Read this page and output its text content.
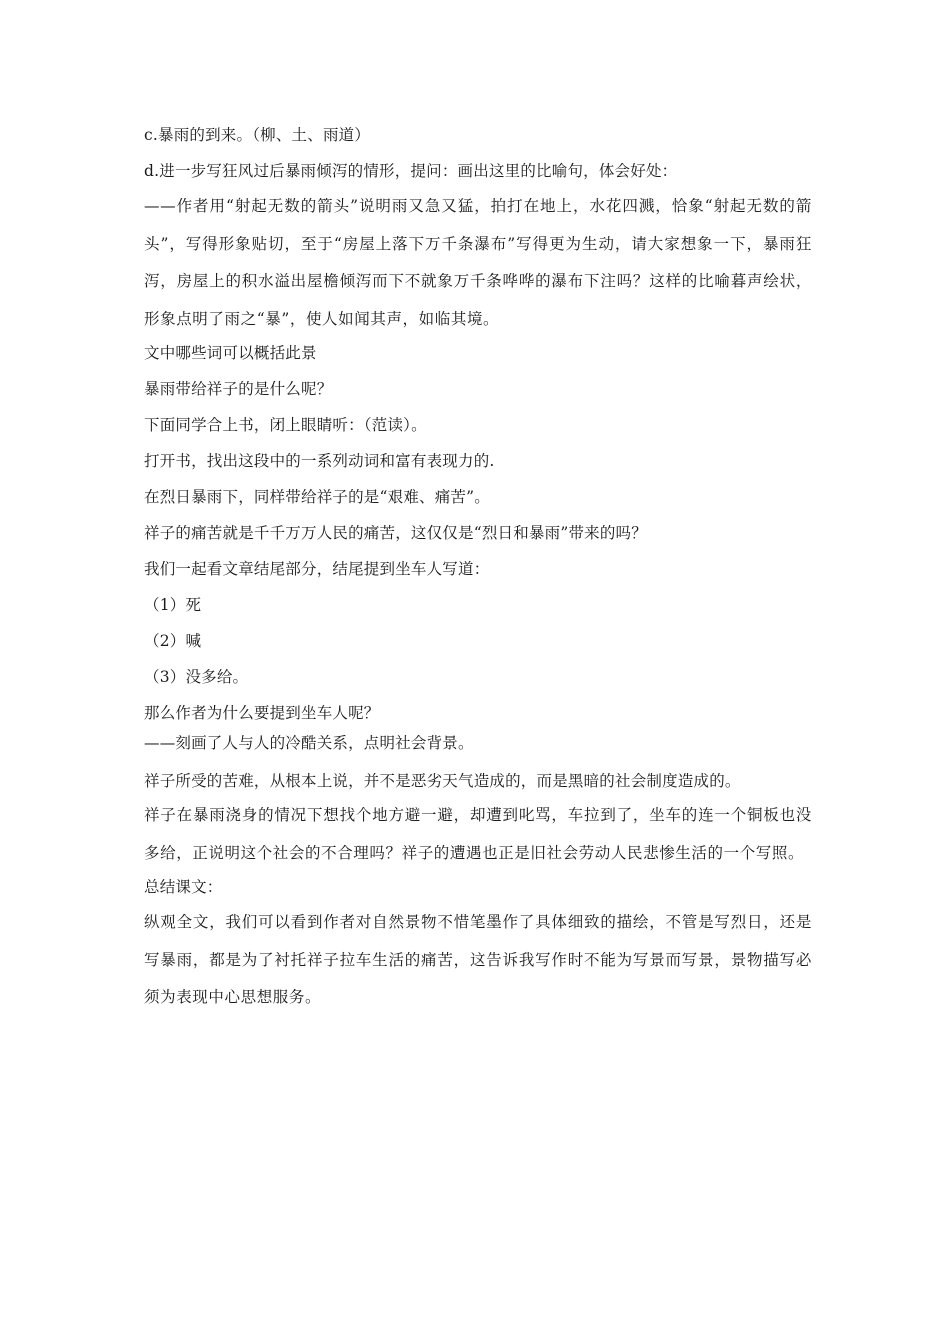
c.暴雨的到来。（柳、土、雨道）

d.进一步写狂风过后暴雨倾泻的情形，提问：画出这里的比喻句，体会好处：

——作者用“射起无数的箭头”说明雨又急又猛，拍打在地上，水花四溅，恰象“射起无数的箭头”，写得形象贴切，至于“房屋上落下万千条瀑布”写得更为生动，请大家想象一下，暴雨狂泻，房屋上的积水溢出屋檐倾泻而下不就象万千条哗哗的瀑布下注吗？这样的比喻暮声绘状，形象点明了雨之“暴”，使人如闻其声，如临其境。

文中哪些词可以概括此景

暴雨带给祥子的是什么呢？

下面同学合上书，闭上眼睛听：（范读）。

打开书，找出这段中的一系列动词和富有表现力的.

在烈日暴雨下，同样带给祥子的是“艰难、痛苦”。

祥子的痛苦就是千千万万人民的痛苦，这仅仅是“烈日和暴雨”带来的吗？

我们一起看文章结尾部分，结尾提到坐车人写道：

（1）死

（2）喊

（3）没多给。

那么作者为什么要提到坐车人呢？

——刻画了人与人的冷酷关系，点明社会背景。

祥子所受的苦难，从根本上说，并不是恶劣天气造成的，而是黑暗的社会制度造成的。

祥子在暴雨浇身的情况下想找个地方避一避，却遭到叱骂，车拉到了，坐车的连一个铜板也没多给，正说明这个社会的不合理吗？祥子的遭遇也正是旧社会劳动人民悲惨生活的一个写照。

总结课文：

纵观全文，我们可以看到作者对自然景物不惜笔墨作了具体细致的描绘，不管是写烈日，还是写暴雨，都是为了衬托祥子拉车生活的痛苦，这告诉我写作时不能为写景而写景，景物描写必须为表现中心思想服务。
